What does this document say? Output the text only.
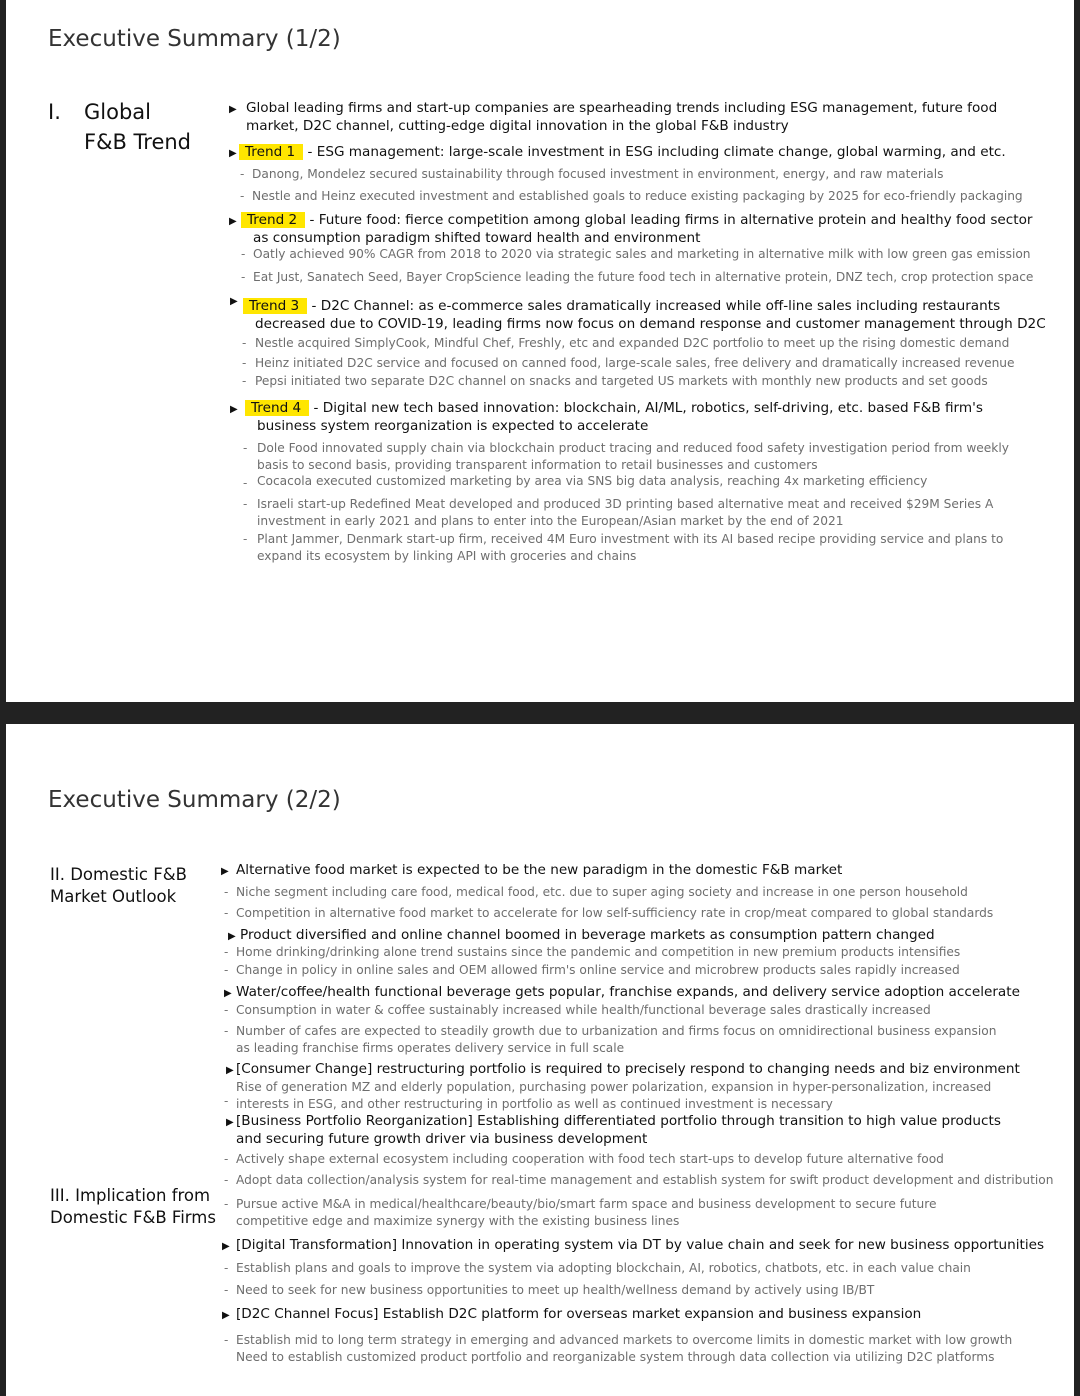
Executive Summary (1/2)
I. Global
F&B Trend
▶ Global leading firms and start-up companies are spearheading trends including ESG management, future food
market, D2C channel, cutting-edge digital innovation in the global F&B industry
▶ Trend 1 - ESG management: large-scale investment in ESG including climate change, global warming, and etc.
- Danong, Mondelez secured sustainability through focused investment in environment, energy, and raw materials
- Nestle and Heinz executed investment and established goals to reduce existing packaging by 2025 for eco-friendly packaging
▶ Trend 2 - Future food: fierce competition among global leading firms in alternative protein and healthy food sector
as consumption paradigm shifted toward health and environment
- Oatly achieved 90% CAGR from 2018 to 2020 via strategic sales and marketing in alternative milk with low green gas emission
- Eat Just, Sanatech Seed, Bayer CropScience leading the future food tech in alternative protein, DNZ tech, crop protection space
▶ Trend 3 - D2C Channel: as e-commerce sales dramatically increased while off-line sales including restaurants
decreased due to COVID-19, leading firms now focus on demand response and customer management through D2C
- Nestle acquired SimplyCook, Mindful Chef, Freshly, etc and expanded D2C portfolio to meet up the rising domestic demand
- Heinz initiated D2C service and focused on canned food, large-scale sales, free delivery and dramatically increased revenue
- Pepsi initiated two separate D2C channel on snacks and targeted US markets with monthly new products and set goods
▶ Trend 4 - Digital new tech based innovation: blockchain, AI/ML, robotics, self-driving, etc. based F&B firm's
business system reorganization is expected to accelerate
- Dole Food innovated supply chain via blockchain product tracing and reduced food safety investigation period from weekly
basis to second basis, providing transparent information to retail businesses and customers
- Cocacola executed customized marketing by area via SNS big data analysis, reaching 4x marketing efficiency
- Israeli start-up Redefined Meat developed and produced 3D printing based alternative meat and received $29M Series A
investment in early 2021 and plans to enter into the European/Asian market by the end of 2021
- Plant Jammer, Denmark start-up firm, received 4M Euro investment with its AI based recipe providing service and plans to
expand its ecosystem by linking API with groceries and chains
Executive Summary (2/2)
II. Domestic F&B
Market Outlook
III. Implication from
Domestic F&B Firms
▶ Alternative food market is expected to be the new paradigm in the domestic F&B market
- Niche segment including care food, medical food, etc. due to super aging society and increase in one person household
- Competition in alternative food market to accelerate for low self-sufficiency rate in crop/meat compared to global standards
▶ Product diversified and online channel boomed in beverage markets as consumption pattern changed
- Home drinking/drinking alone trend sustains since the pandemic and competition in new premium products intensifies
- Change in policy in online sales and OEM allowed firm's online service and microbrew products sales rapidly increased
▶ Water/coffee/health functional beverage gets popular, franchise expands, and delivery service adoption accelerate
- Consumption in water & coffee sustainably increased while health/functional beverage sales drastically increased
- Number of cafes are expected to steadily growth due to urbanization and firms focus on omnidirectional business expansion
as leading franchise firms operates delivery service in full scale
▶ [Consumer Change] restructuring portfolio is required to precisely respond to changing needs and biz environment
Rise of generation MZ and elderly population, purchasing power polarization, expansion in hyper-personalization, increased
- interests in ESG, and other restructuring in portfolio as well as continued investment is necessary
▶ [Business Portfolio Reorganization] Establishing differentiated portfolio through transition to high value products
and securing future growth driver via business development
- Actively shape external ecosystem including cooperation with food tech start-ups to develop future alternative food
- Adopt data collection/analysis system for real-time management and establish system for swift product development and distribution
- Pursue active M&A in medical/healthcare/beauty/bio/smart farm space and business development to secure future
competitive edge and maximize synergy with the existing business lines
▶ [Digital Transformation] Innovation in operating system via DT by value chain and seek for new business opportunities
- Establish plans and goals to improve the system via adopting blockchain, AI, robotics, chatbots, etc. in each value chain
- Need to seek for new business opportunities to meet up health/wellness demand by actively using IB/BT
▶ [D2C Channel Focus] Establish D2C platform for overseas market expansion and business expansion
- Establish mid to long term strategy in emerging and advanced markets to overcome limits in domestic market with low growth
Need to establish customized product portfolio and reorganizable system through data collection via utilizing D2C platforms
